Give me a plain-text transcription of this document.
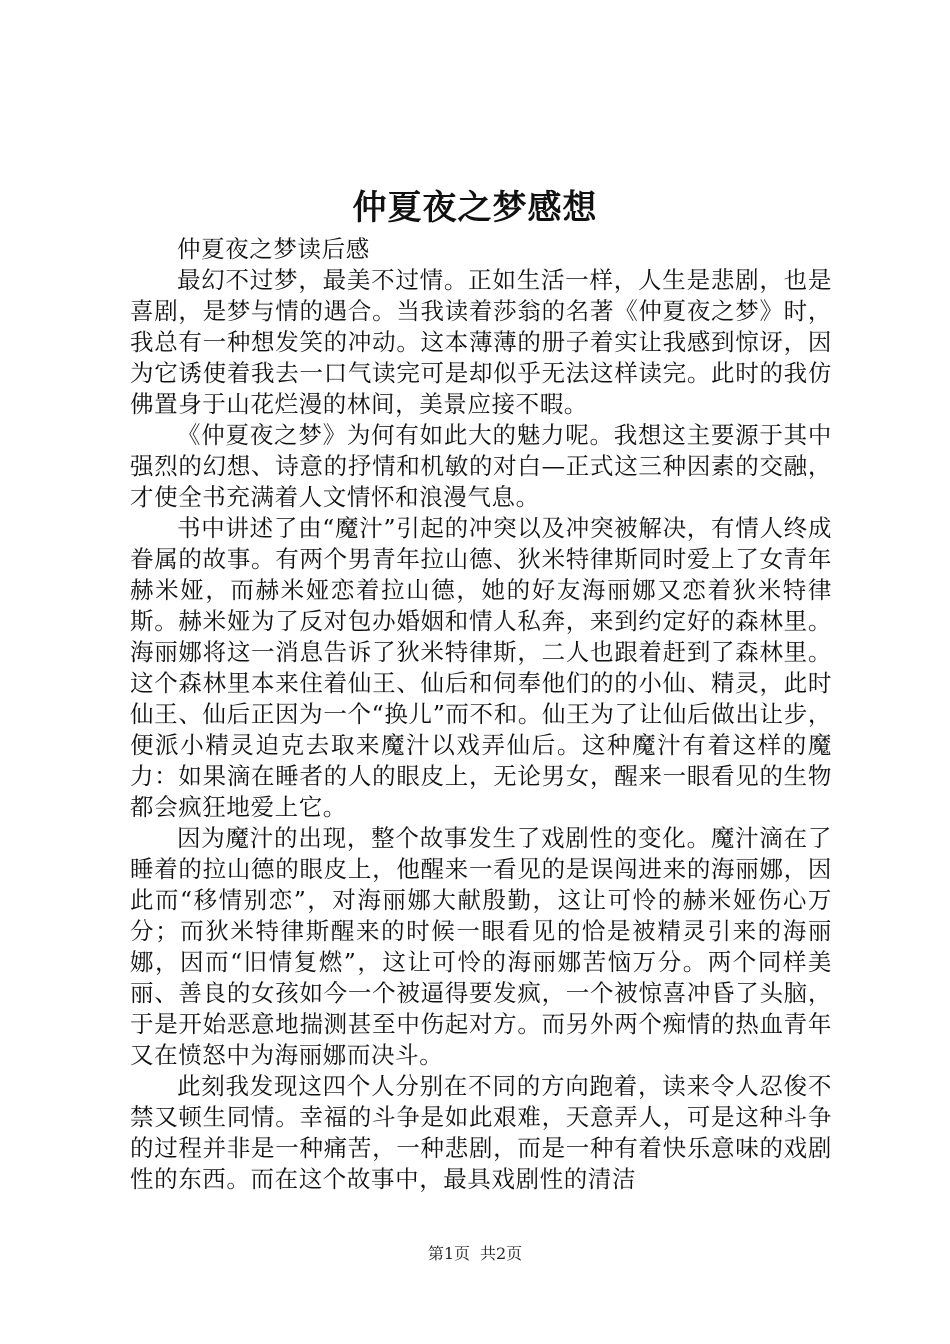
仲夏夜之梦感想

仲夏夜之梦读后感

最幻不过梦，最美不过情。正如生活一样，人生是悲剧，也是喜剧，是梦与情的遇合。当我读着莎翁的名著《仲夏夜之梦》时，我总有一种想发笑的冲动。这本薄薄的册子着实让我感到惊讶，因为它诱使着我去一口气读完可是却似乎无法这样读完。此时的我仿佛置身于山花烂漫的林间，美景应接不暇。

《仲夏夜之梦》为何有如此大的魅力呢。我想这主要源于其中强烈的幻想、诗意的抒情和机敏的对白—正式这三种因素的交融，才使全书充满着人文情怀和浪漫气息。

书中讲述了由“魔汁”引起的冲突以及冲突被解决，有情人终成眷属的故事。有两个男青年拉山德、狄米特律斯同时爱上了女青年赫米娅，而赫米娅恋着拉山德，她的好友海丽娜又恋着狄米特律斯。赫米娅为了反对包办婚姻和情人私奔，来到约定好的森林里。海丽娜将这一消息告诉了狄米特律斯，二人也跟着赶到了森林里。这个森林里本来住着仙王、仙后和伺奉他们的的小仙、精灵，此时仙王、仙后正因为一个“换儿”而不和。仙王为了让仙后做出让步，便派小精灵迫克去取来魔汁以戏弄仙后。这种魔汁有着这样的魔力：如果滴在睡者的人的眼皮上，无论男女，醒来一眼看见的生物都会疯狂地爱上它。

因为魔汁的出现，整个故事发生了戏剧性的变化。魔汁滴在了睡着的拉山德的眼皮上，他醒来一看见的是误闯进来的海丽娜，因此而“移情别恋”，对海丽娜大献殷勤，这让可怜的赫米娅伤心万分；而狄米特律斯醒来的时候一眼看见的恰是被精灵引来的海丽娜，因而“旧情复燃”，这让可怜的海丽娜苦恼万分。两个同样美丽、善良的女孩如今一个被逼得要发疯，一个被惊喜冲昏了头脑，于是开始恶意地揣测甚至中伤起对方。而另外两个痴情的热血青年又在愤怒中为海丽娜而决斗。

此刻我发现这四个人分别在不同的方向跑着，读来令人忍俊不禁又顿生同情。幸福的斗争是如此艰难，天意弄人，可是这种斗争的过程并非是一种痛苦，一种悲剧，而是一种有着快乐意味的戏剧性的东西。而在这个故事中，最具戏剧性的清洁

第1页 共2页
